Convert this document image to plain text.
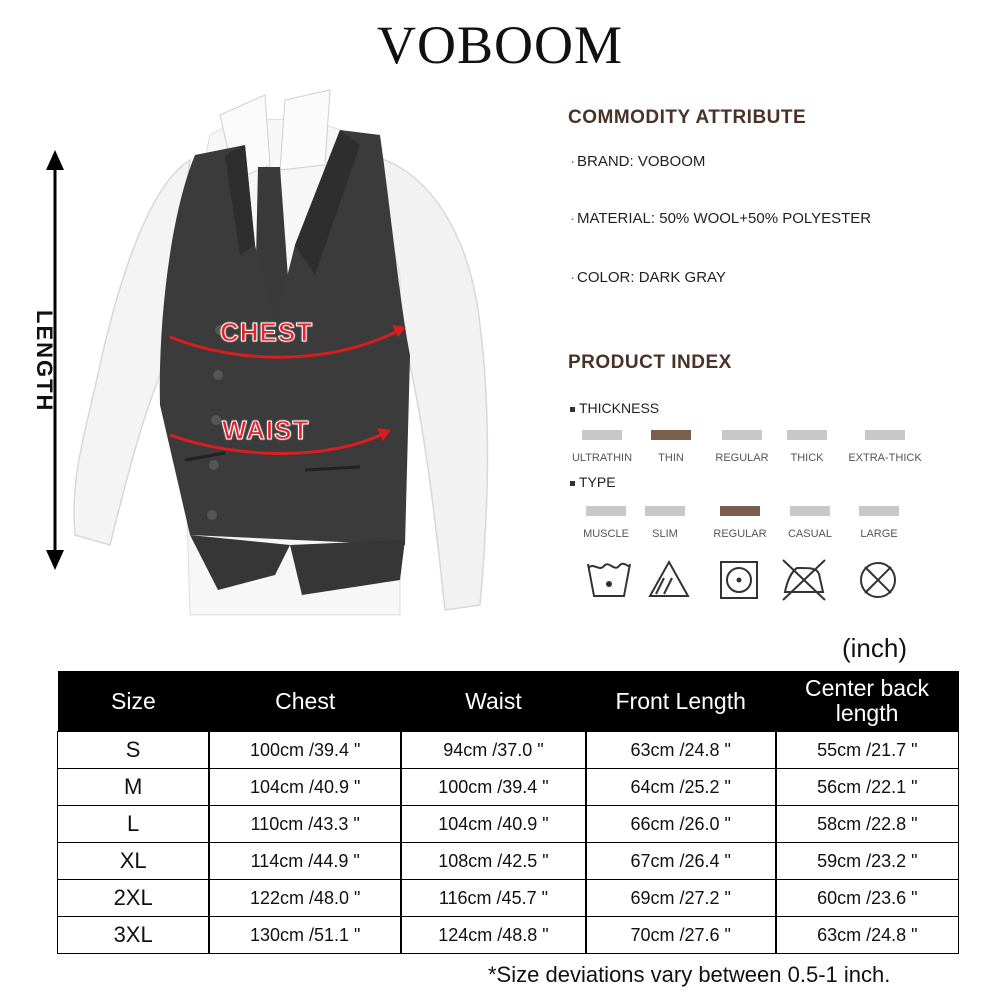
VOBOOM
LENGTH	CHEST
WAIST
COMMODITY ATTRIBUTE
· BRAND: VOBOOM
· MATERIAL: 50% WOOL+50% POLYESTER
· COLOR: DARK GRAY
PRODUCT INDEX
THICKNESS
ULTRATHIN	THIN	REGULAR	THICK	EXTRA-THICK
TYPE
MUSCLE	SLIM	REGULAR	CASUAL	LARGE
(inch)
Size	Chest	Waist	Front Length	Center back length
S	100cm /39.4 "	94cm /37.0 "	63cm /24.8 "	55cm /21.7 "
M	104cm /40.9 "	100cm /39.4 "	64cm /25.2 "	56cm /22.1 "
L	110cm /43.3 "	104cm /40.9 "	66cm /26.0 "	58cm /22.8 "
XL	114cm /44.9 "	108cm /42.5 "	67cm /26.4 "	59cm /23.2 "
2XL	122cm /48.0 "	116cm /45.7 "	69cm /27.2 "	60cm /23.6 "
3XL	130cm /51.1 "	124cm /48.8 "	70cm /27.6 "	63cm /24.8 "
*Size deviations vary between 0.5-1 inch.
